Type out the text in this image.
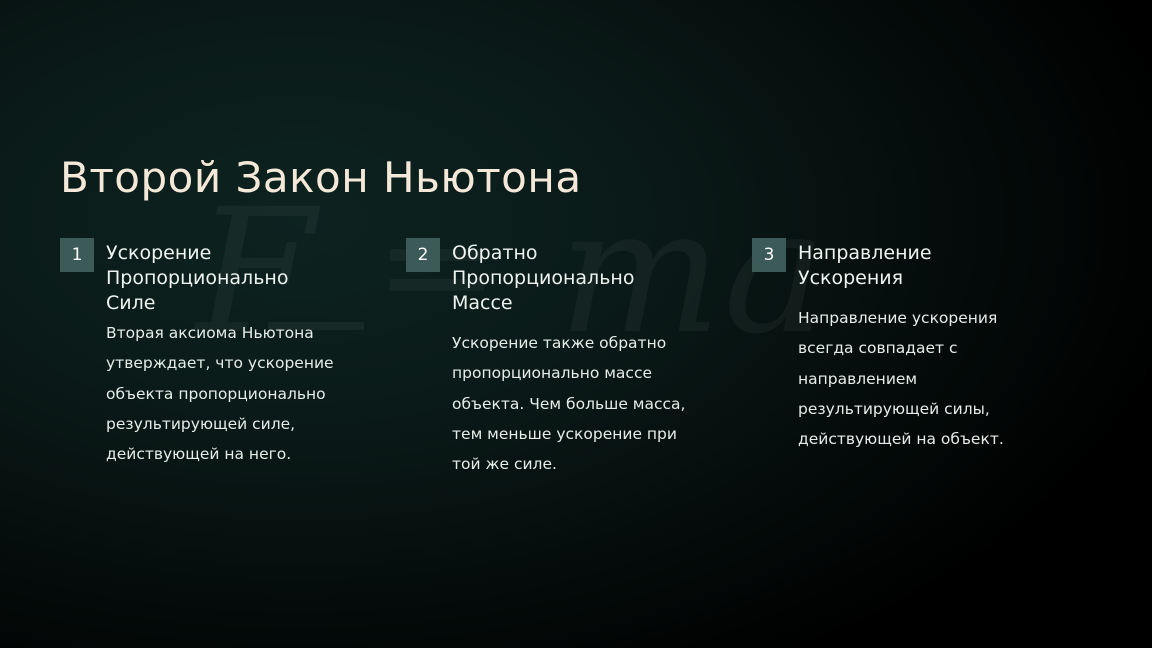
Второй Закон Ньютона
1	Ускорение Пропорционально Силе
Вторая аксиома Ньютона утверждает, что ускорение объекта пропорционально результирующей силе, действующей на него.
2	Обратно Пропорционально Массе
Ускорение также обратно пропорционально массе объекта. Чем больше масса, тем меньше ускорение при той же силе.
3	Направление Ускорения
Направление ускорения всегда совпадает с направлением результирующей силы, действующей на объект.
